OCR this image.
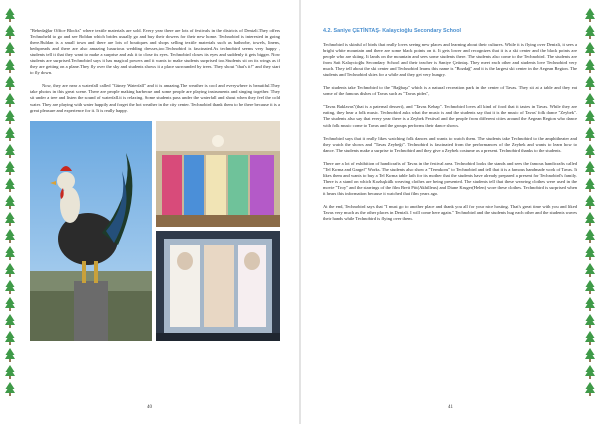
"Bebedağlar Office Blocks" where textile materials are sold. Every year there are lots of festivals in the districts of Denizli.They offers Technoheld to go and see Boldan which brides usually go and buy their dowers for their new home. Technobird is interested in going there.Buldan is a small town and there are lots of boutiques and shops selling textile materials such as bathrobe, towels, linens, bedspreads and there are also amazing luxurious wedding dresses,too.Technobird is fascinated.As technobird seems very happy , students tell it that they want to make a surprise and ask it to close its eyes. Technobird closes its eyes and suddenly it gets bigger. Now students are surprised.Technobird says it has magical powers and it wants to make students surprised too.Students sit on its wings as if they are getting on a plane.They fly over the sky and students shows it a place surrounded by trees. They shout "that's it!" and they start to fly down.

Now, they are near a waterfall called "Güney Waterfall" and it is amazing.The weather is cool and everywhere is beautiful.They take photos in this great scene. There are people making barbecue and some people are playing instruments and singing together. They sit under a tree and listen the sound of waterfall.it is relaxing. Some students pass under the waterfall and shout when they feel the cold water. They are playing with water happily and forget the hot weather in the city center. Technobird thank them to be there because it is a great pleasure and experience for it. It is really happy.

40
4.2. Saniye ÇETİNTAŞ- Kalaycioğlu Secondary School

Technobird is skinful of birds that really loves seeing new places and learning about their cultures. While it is flying over Denizli, it sees a bright white mountain and there are some black points on it. It gets lower and recognizes that it is a ski center and the black points are people who are skiing. It lands on the mountain and sees some students there. The students also come to the Technobird. The students are from Sait Kalaycioğlu Secondary School and their teacher is Saniye Çetintaş. They meet each other and students love Technobird very much. They tell about the ski center and Technobird learns this name is "Bozdağ" and it is the largest ski center in the Aegean Region. The students and Technobird skies for a while and they get very hungry.

The students take Technobird to the "Bağbaşı" which is a natural recreation park in the center of Tavas. They sit at a table and they eat some of the famous dishes of Tavas such as "Tavas pides",

"Tavas Baklavas"(that is a paternal dessert), and "Tavas Kebap". Technobird loves all kind of food that it tastes in Tavas. While they are eating, they hear a folk music. Technobird asks what the music is and the students say that it is the music of Tavas' folk dance "Zeybek". The students also say that every year there is a Zeybek Festival and the people from different cities around the Aegean Region who dance with folk music come to Tavas and the groups performs their dance shows.

Technobird says that it really likes watching folk dances and wants to watch them. The students take Technobird to the amphitheater and they watch the shows and "Tavas Zeybeği". Technobird is fascinated from the performances of the Zeybek and wants to learn how to dance. The students make a surprise to Technobird and they give a Zeybek costume as a present. Technobird thanks to the students.

There are a lot of exhibition of handicrafts of Tavas in the festival area. Technobird looks the stands and sees the famous handicrafts called "Tel Kırma and Gargef" Works. The students also show a "Termkoru" to Technobird and tell that it is a famous handmade work of Tavas. It likes them and wants to buy a Tel Kırma table lath for its mother that the students have already prepared a present for Technobird's family. There is a stand on which Kozluşkülk weaving clothes are being presented. The students tell that these weaving clothes were used in the movie "Troy" and the starrings of the film Brett Pitt(Akhilleus) and Diane Kruger(Helen) wore these clothes. Technobird is surprised when it hears this information because it watched that film years ago.

At the end, Technobird says that "I must go to another place and thank you all for your nice hosting. That's great time with you and liked Tavas very much as the other places in Denizli. I will come here again." Technobird and the students hug each other and the students waves their hands while Technobird is flying over them.

41
